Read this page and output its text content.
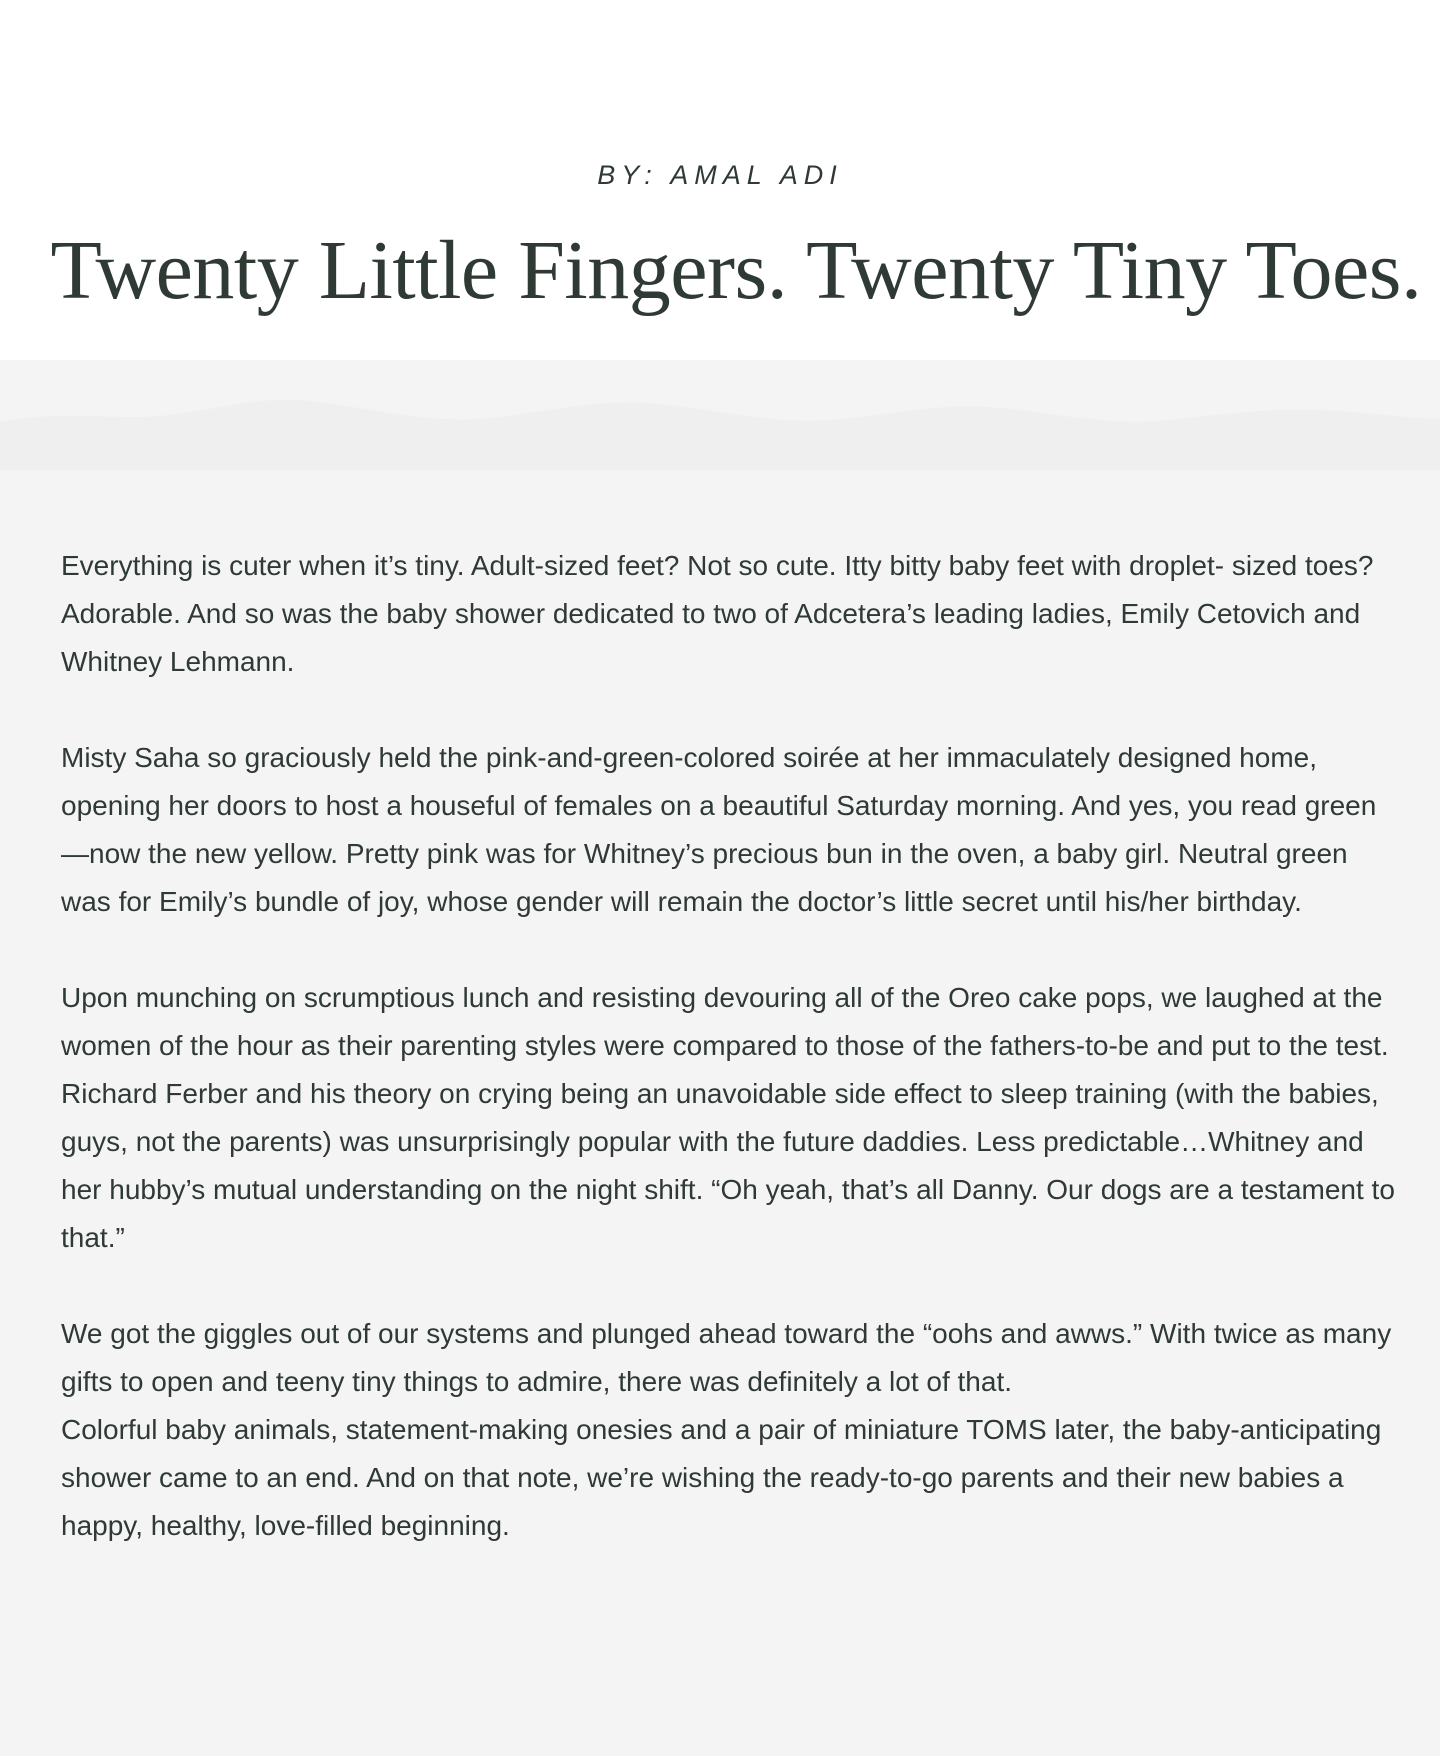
BY: AMAL ADI
Twenty Little Fingers. Twenty Tiny Toes.

Everything is cuter when it’s tiny. Adult-sized feet? Not so cute. Itty bitty baby feet with droplet- sized toes? Adorable. And so was the baby shower dedicated to two of Adcetera’s leading ladies, Emily Cetovich and Whitney Lehmann.

Misty Saha so graciously held the pink-and-green-colored soirée at her immaculately designed home, opening her doors to host a houseful of females on a beautiful Saturday morning. And yes, you read green—now the new yellow. Pretty pink was for Whitney’s precious bun in the oven, a baby girl. Neutral green was for Emily’s bundle of joy, whose gender will remain the doctor’s little secret until his/her birthday.

Upon munching on scrumptious lunch and resisting devouring all of the Oreo cake pops, we laughed at the women of the hour as their parenting styles were compared to those of the fathers-to-be and put to the test. Richard Ferber and his theory on crying being an unavoidable side effect to sleep training (with the babies, guys, not the parents) was unsurprisingly popular with the future daddies. Less predictable…Whitney and her hubby’s mutual understanding on the night shift. “Oh yeah, that’s all Danny. Our dogs are a testament to that.”

We got the giggles out of our systems and plunged ahead toward the “oohs and awws.” With twice as many gifts to open and teeny tiny things to admire, there was definitely a lot of that.
Colorful baby animals, statement-making onesies and a pair of miniature TOMS later, the baby-anticipating shower came to an end. And on that note, we’re wishing the ready-to-go parents and their new babies a happy, healthy, love-filled beginning.
